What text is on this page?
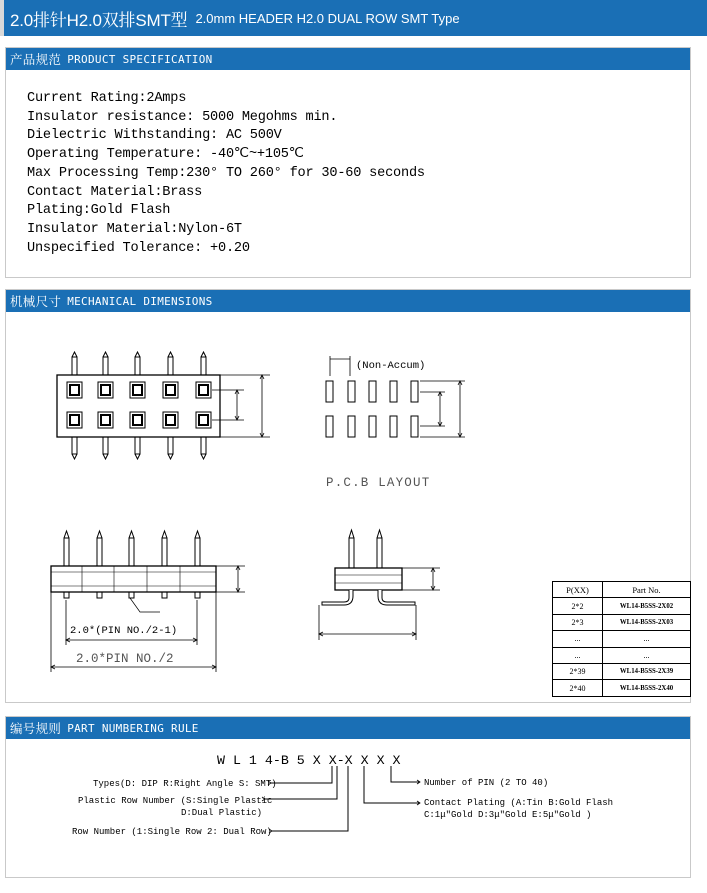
2.0排针H2.0双排SMT型 2.0mm HEADER H2.0 DUAL ROW SMT Type
产品规范 PRODUCT SPECIFICATION
Current Rating:2Amps
Insulator resistance: 5000 Megohms min.
Dielectric Withstanding: AC 500V
Operating Temperature: -40℃~+105℃
Max Processing Temp:230° TO 260° for 30-60 seconds
Contact Material:Brass
Plating:Gold Flash
Insulator Material:Nylon-6T
Unspecified Tolerance: +0.20
机械尺寸 MECHANICAL DIMENSIONS
(Non-Accum)
P.C.B LAYOUT
2.0*(PIN NO./2-1)
2.0*PIN NO./2
W L 1 4-B 5 X X-X X X X
Types(D: DIP R:Right Angle S: SMT)
Plastic Row Number (S:Single Plastic
D:Dual Plastic)
Row Number (1:Single Row 2: Dual Row)
Number of PIN (2 TO 40)
Contact Plating (A:Tin B:Gold Flash
C:1μ″Gold D:3μ″Gold E:5μ″Gold )
P(XX)	Part No.
2*2	WL14-B5SS-2X02
2*3	WL14-B5SS-2X03
...	...
...	...
2*39	WL14-B5SS-2X39
2*40	WL14-B5SS-2X40
编号规则 PART NUMBERING RULE
